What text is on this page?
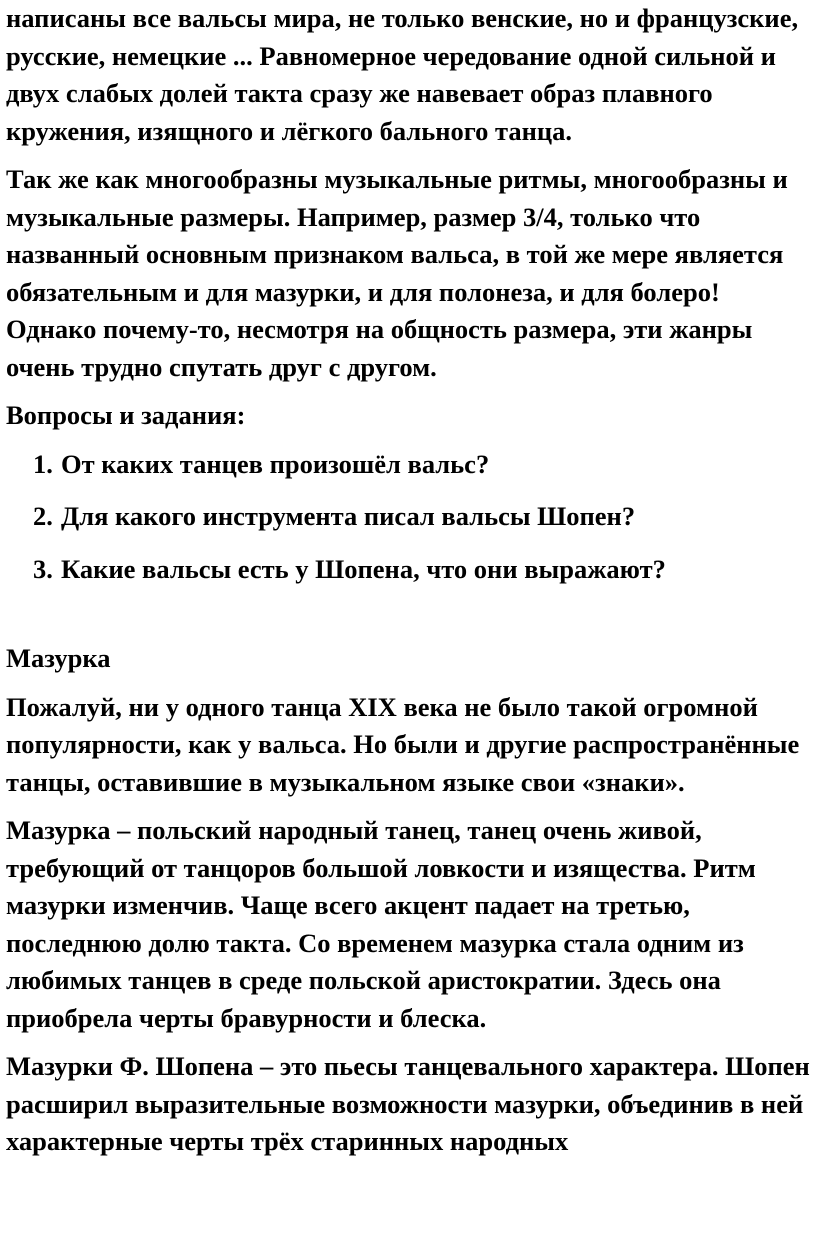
написаны все вальсы мира, не только венские, но и французские, русские, немецкие ... Равномерное чередование одной сильной и двух слабых долей такта сразу же навевает образ плавного кружения, изящного и лёгкого бального танца.

Так же как многообразны музыкальные ритмы, многообразны и музыкальные размеры. Например, размер 3/4, только что названный основным признаком вальса, в той же мере является обязательным и для мазурки, и для полонеза, и для болеро! Однако почему-то, несмотря на общность размера, эти жанры очень трудно спутать друг с другом.

Вопросы и задания:

1. От каких танцев произошёл вальс?
2. Для какого инструмента писал вальсы Шопен?
3. Какие вальсы есть у Шопена, что они выражают?

Мазурка

Пожалуй, ни у одного танца XIX века не было такой огромной популярности, как у вальса. Но были и другие распространённые танцы, оставившие в музыкальном языке свои «знаки».

Мазурка – польский народный танец, танец очень живой, требующий от танцоров большой ловкости и изящества. Ритм мазурки изменчив. Чаще всего акцент падает на третью, последнюю долю такта. Со временем мазурка стала одним из любимых танцев в среде польской аристократии. Здесь она приобрела черты бравурности и блеска.

Мазурки Ф. Шопена – это пьесы танцевального характера. Шопен расширил выразительные возможности мазурки, объединив в ней характерные черты трёх старинных народных
